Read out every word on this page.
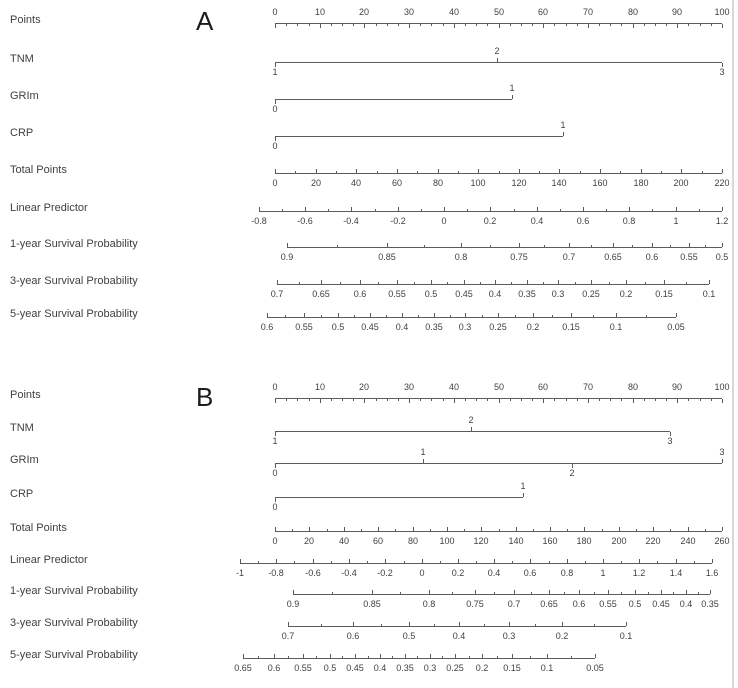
A
Points
0	10	20	30	40	50	60	70	80	90	100
TNM
1
2
3
GRIm
0
1
CRP
0
1
Total Points
0	20	40	60	80	100	120	140	160	180	200	220
Linear Predictor
-0.8	-0.6	-0.4	-0.2	0	0.2	0.4	0.6	0.8	1	1.2
1-year Survival Probability
0.9	0.85	0.8	0.75	0.7	0.65	0.6	0.55	0.5
3-year Survival Probability
0.7	0.65	0.6	0.55	0.5	0.45	0.4	0.35	0.3	0.25	0.2	0.15	0.1
5-year Survival Probability
0.6	0.55	0.5	0.45	0.4	0.35	0.3	0.25	0.2	0.15	0.1	0.05
B
Points
0	10	20	30	40	50	60	70	80	90	100
TNM
1
2
3
GRIm
0
1
2
3
CRP
0
1
Total Points
0	20	40	60	80	100	120	140	160	180	200	220	240	260
Linear Predictor
-1	-0.8	-0.6	-0.4	-0.2	0	0.2	0.4	0.6	0.8	1	1.2	1.4	1.6
1-year Survival Probability
0.9	0.85	0.8	0.75	0.7	0.65	0.6	0.55	0.5	0.45	0.4 0.35
3-year Survival Probability
0.7	0.6	0.5	0.4	0.3	0.2	0.1
5-year Survival Probability
0.65	0.6	0.55	0.5	0.45	0.4	0.35	0.3	0.25	0.2	0.15	0.1	0.05
